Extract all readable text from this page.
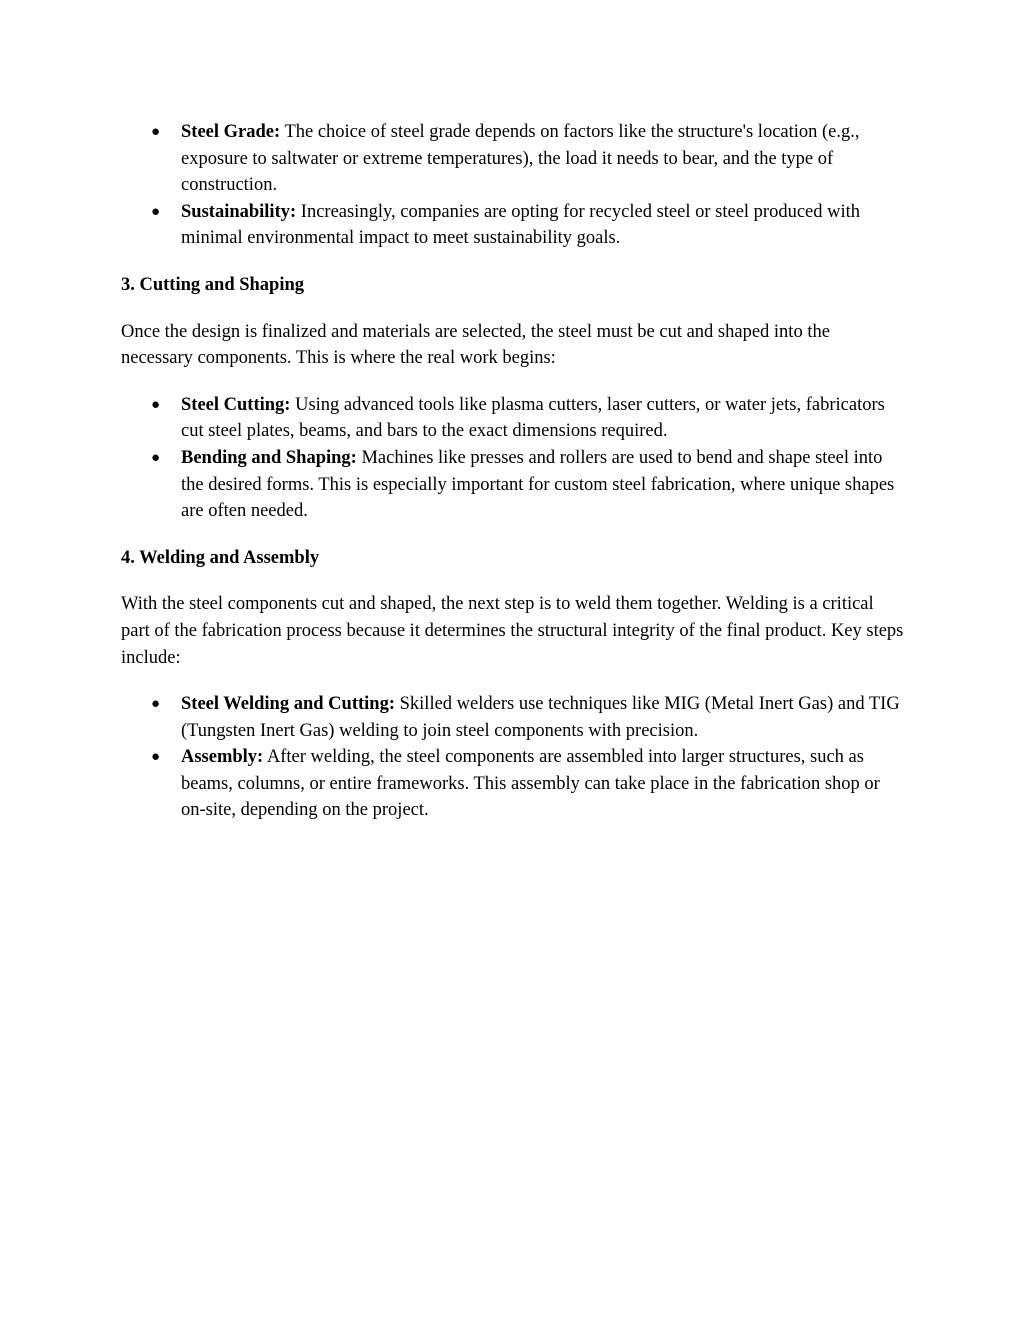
● Steel Grade: The choice of steel grade depends on factors like the structure's location (e.g., exposure to saltwater or extreme temperatures), the load it needs to bear, and the type of construction.
● Sustainability: Increasingly, companies are opting for recycled steel or steel produced with minimal environmental impact to meet sustainability goals.
3. Cutting and Shaping

Once the design is finalized and materials are selected, the steel must be cut and shaped into the necessary components. This is where the real work begins:

● Steel Cutting: Using advanced tools like plasma cutters, laser cutters, or water jets, fabricators cut steel plates, beams, and bars to the exact dimensions required.
● Bending and Shaping: Machines like presses and rollers are used to bend and shape steel into the desired forms. This is especially important for custom steel fabrication, where unique shapes are often needed.
4. Welding and Assembly

With the steel components cut and shaped, the next step is to weld them together. Welding is a critical part of the fabrication process because it determines the structural integrity of the final product. Key steps include:

● Steel Welding and Cutting: Skilled welders use techniques like MIG (Metal Inert Gas) and TIG (Tungsten Inert Gas) welding to join steel components with precision.
● Assembly: After welding, the steel components are assembled into larger structures, such as beams, columns, or entire frameworks. This assembly can take place in the fabrication shop or on-site, depending on the project.
